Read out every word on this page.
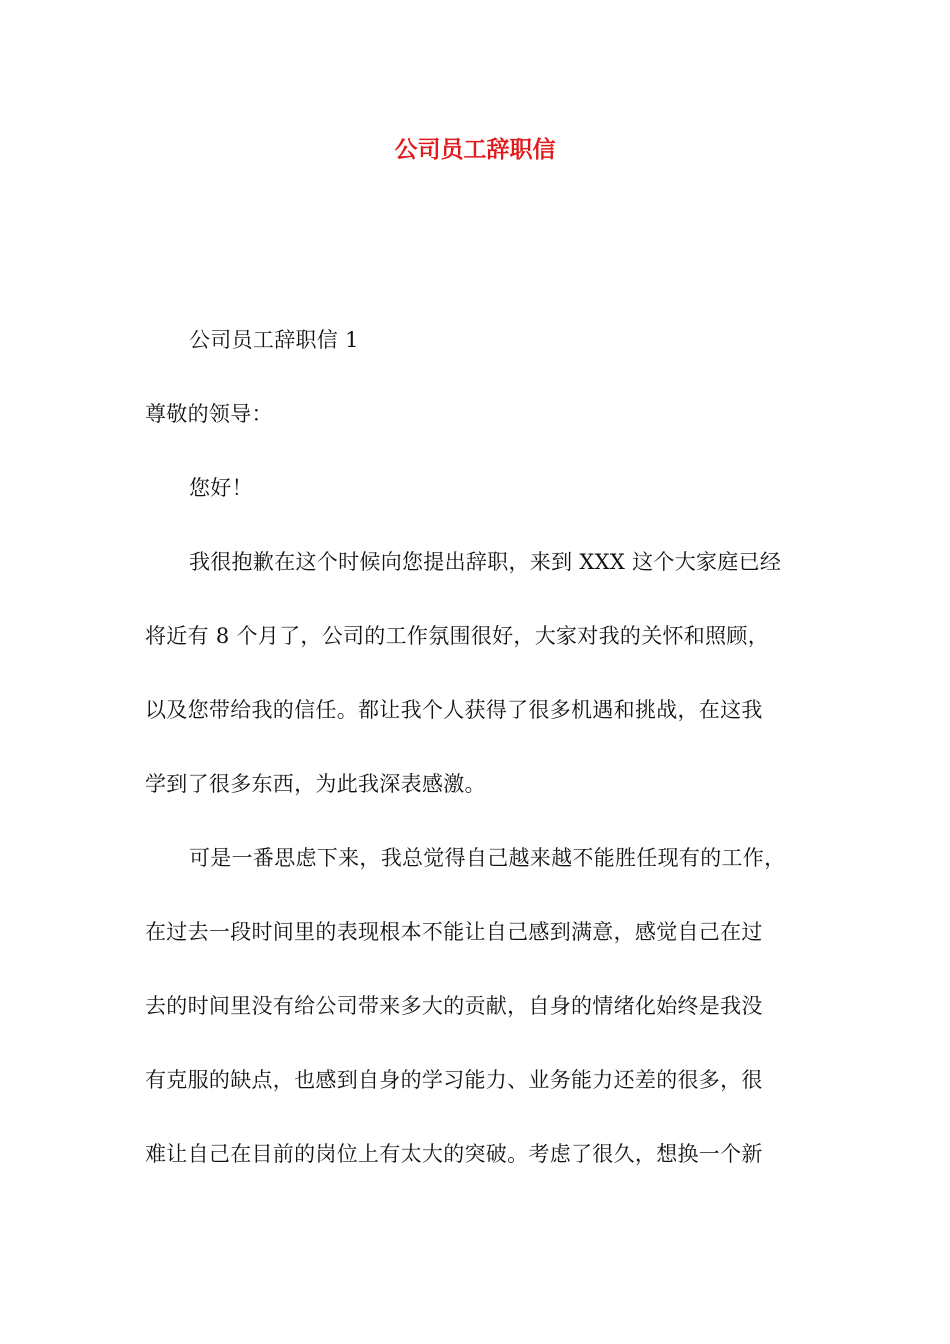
公司员工辞职信

公司员工辞职信 1

尊敬的领导：

您好！

我很抱歉在这个时候向您提出辞职，来到 XXX 这个大家庭已经

将近有 8 个月了，公司的工作氛围很好，大家对我的关怀和照顾，

以及您带给我的信任。都让我个人获得了很多机遇和挑战，在这我

学到了很多东西，为此我深表感激。

可是一番思虑下来，我总觉得自己越来越不能胜任现有的工作，

在过去一段时间里的表现根本不能让自己感到满意，感觉自己在过

去的时间里没有给公司带来多大的贡献，自身的情绪化始终是我没

有克服的缺点，也感到自身的学习能力、业务能力还差的很多，很

难让自己在目前的岗位上有太大的突破。考虑了很久，想换一个新
